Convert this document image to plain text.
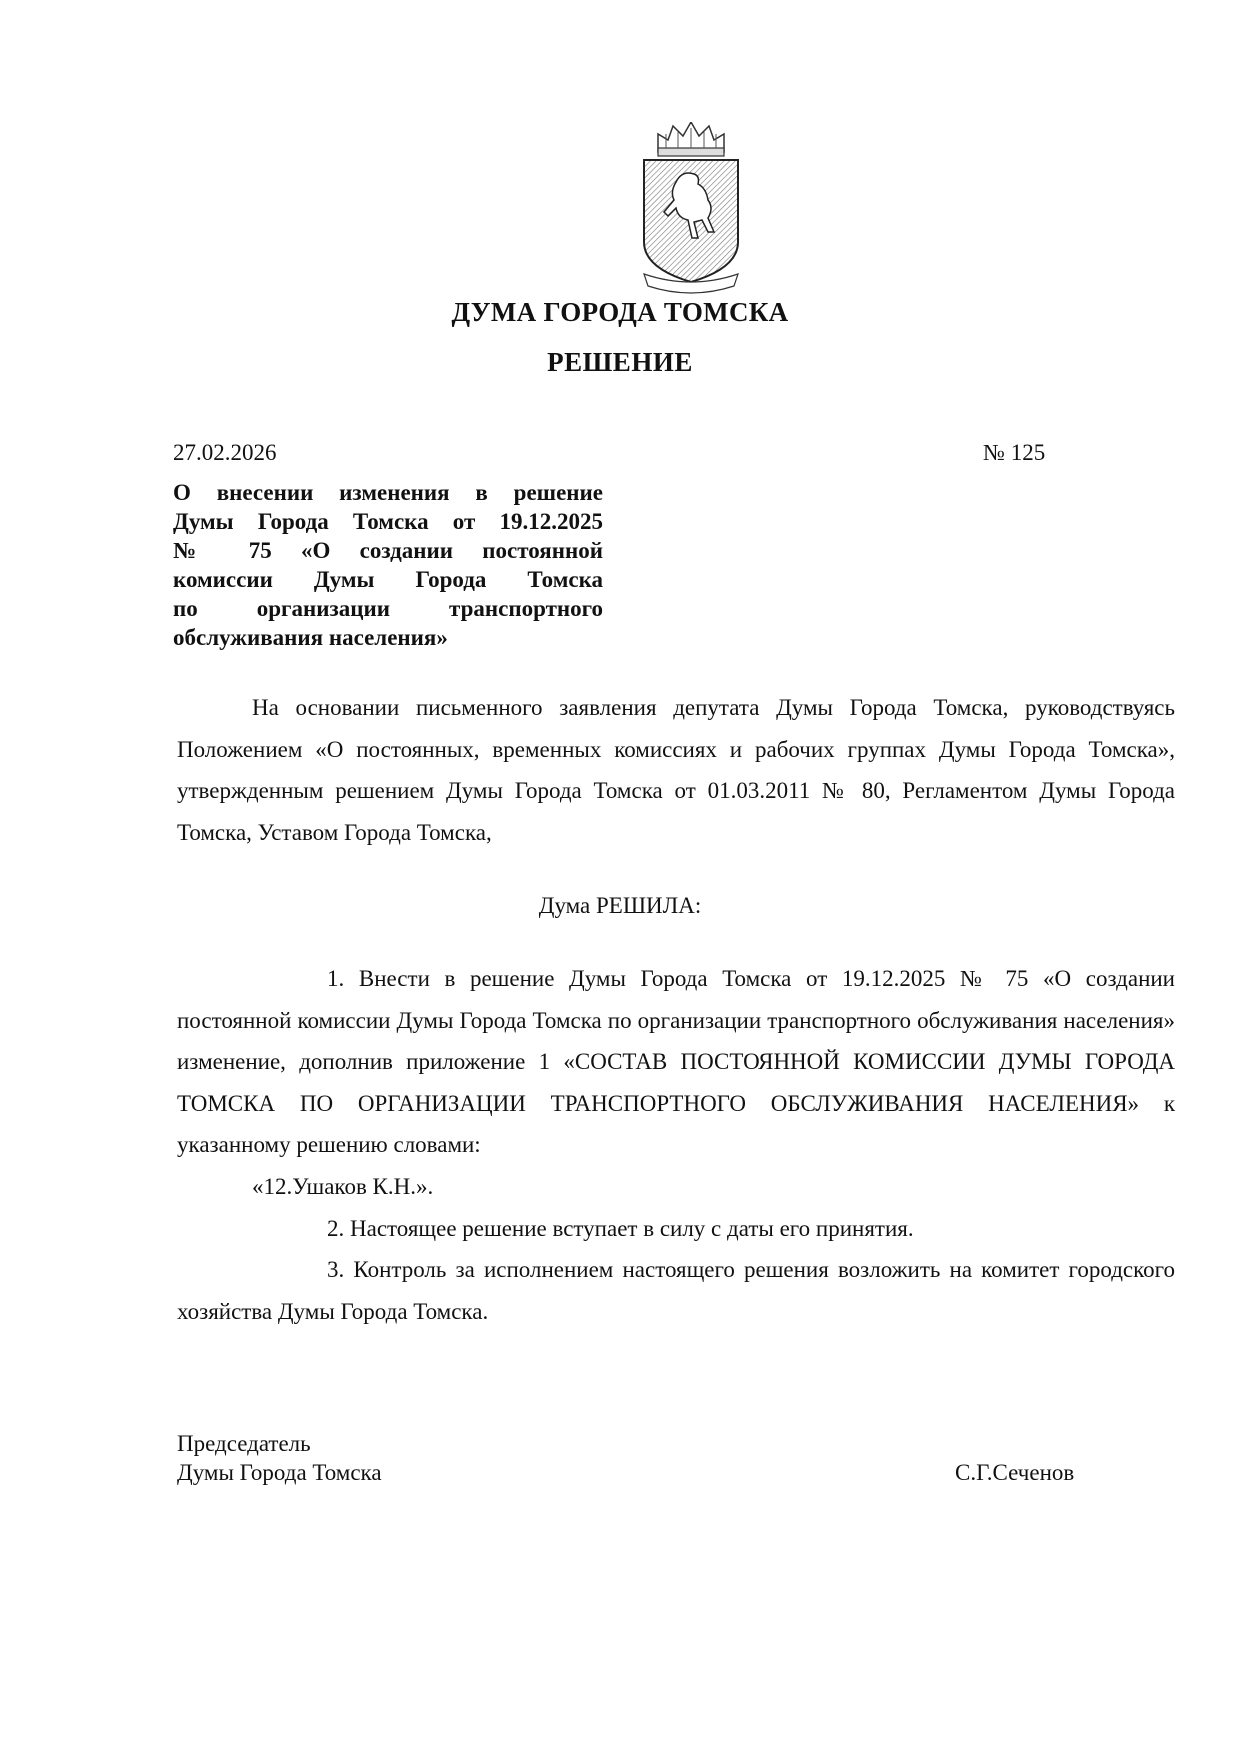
ДУМА ГОРОДА ТОМСКА
РЕШЕНИЕ
27.02.2026	№ 125
О внесении изменения в решение
Думы Города Томска от 19.12.2025
№ 75 «О создании постоянной
комиссии Думы Города Томска
по организации транспортного
обслуживания населения»
На основании письменного заявления депутата Думы Города Томска, руководствуясь Положением «О постоянных, временных комиссиях и рабочих группах Думы Города Томска», утвержденным решением Думы Города Томска от 01.03.2011 № 80, Регламентом Думы Города Томска, Уставом Города Томска,
Дума РЕШИЛА:

1. Внести в решение Думы Города Томска от 19.12.2025 № 75 «О создании постоянной комиссии Думы Города Томска по организации транспортного обслуживания населения» изменение, дополнив приложение 1 «СОСТАВ ПОСТОЯННОЙ КОМИССИИ ДУМЫ ГОРОДА ТОМСКА ПО ОРГАНИЗАЦИИ ТРАНСПОРТНОГО ОБСЛУЖИВАНИЯ НАСЕЛЕНИЯ» к указанному решению словами:

«12.Ушаков К.Н.».

2. Настоящее решение вступает в силу с даты его принятия.

3. Контроль за исполнением настоящего решения возложить на комитет городского хозяйства Думы Города Томска.

Председатель
Думы Города Томска	С.Г.Сеченов
